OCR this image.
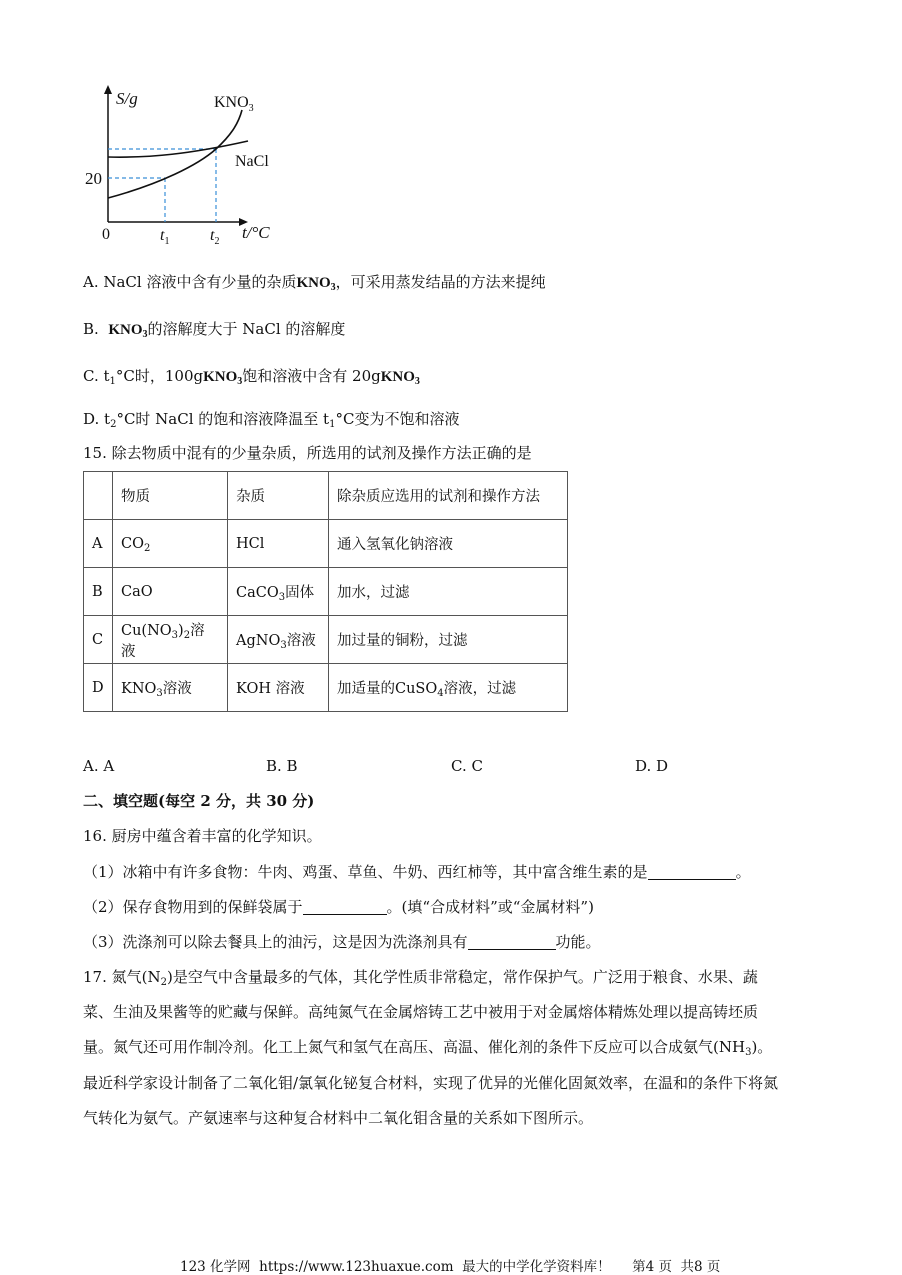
S/g	$KNO_3$
NaCl
20
0	$t_1$	$t_2$ t/°C
A. NaCl 溶液中含有少量的杂质$KNO_3$，可采用蒸发结晶的方法来提纯
B. $KNO_3$的溶解度大于 NaCl 的溶解度
C. $t_1^\circ C$时，100gKNO$_3$饱和溶液中含有 20gKNO$_3$
D. $t_2^\circ C$时 NaCl 的饱和溶液降温至 $t_1^\circ C$变为不饱和溶液
15. 除去物质中混有的少量杂质，所选用的试剂及操作方法正确的是
	物质	杂质	除杂质应选用的试剂和操作方法
A	$CO_2$	HCl	通入氢氧化钠溶液
B	CaO	CaCO$_3$固体	加水，过滤
C	$Cu(NO_3)_2$溶液	AgNO$_3$溶液	加过量的铜粉，过滤
D	$KNO_3$溶液	KOH 溶液	加适量的CuSO$_4$溶液，过滤
A. A	B. B	C. C	D. D
二、填空题(每空 2 分，共 30 分)
16. 厨房中蕴含着丰富的化学知识。
（1）冰箱中有许多食物：牛肉、鸡蛋、草鱼、牛奶、西红柿等，其中富含维生素的是	。
（2）保存食物用到的保鲜袋属于	。(填“合成材料”或“金属材料”)
（3）洗涤剂可以除去餐具上的油污，这是因为洗涤剂具有	功能。
17. 氮气$(N_2)$是空气中含量最多的气体，其化学性质非常稳定，常作保护气。广泛用于粮食、水果、蔬
菜、生油及果酱等的贮藏与保鲜。高纯氮气在金属熔铸工艺中被用于对金属熔体精炼处理以提高铸坯质
量。氮气还可用作制冷剂。化工上氮气和氢气在高压、高温、催化剂的条件下反应可以合成氨气$(NH_3)$。
最近科学家设计制备了二氧化钼/氯氧化铋复合材料，实现了优异的光催化固氮效率，在温和的条件下将氮
气转化为氨气。产氨速率与这种复合材料中二氧化钼含量的关系如下图所示。
123 化学网  https://www.123huaxue.com  最大的中学化学资料库！     第4 页  共8 页
